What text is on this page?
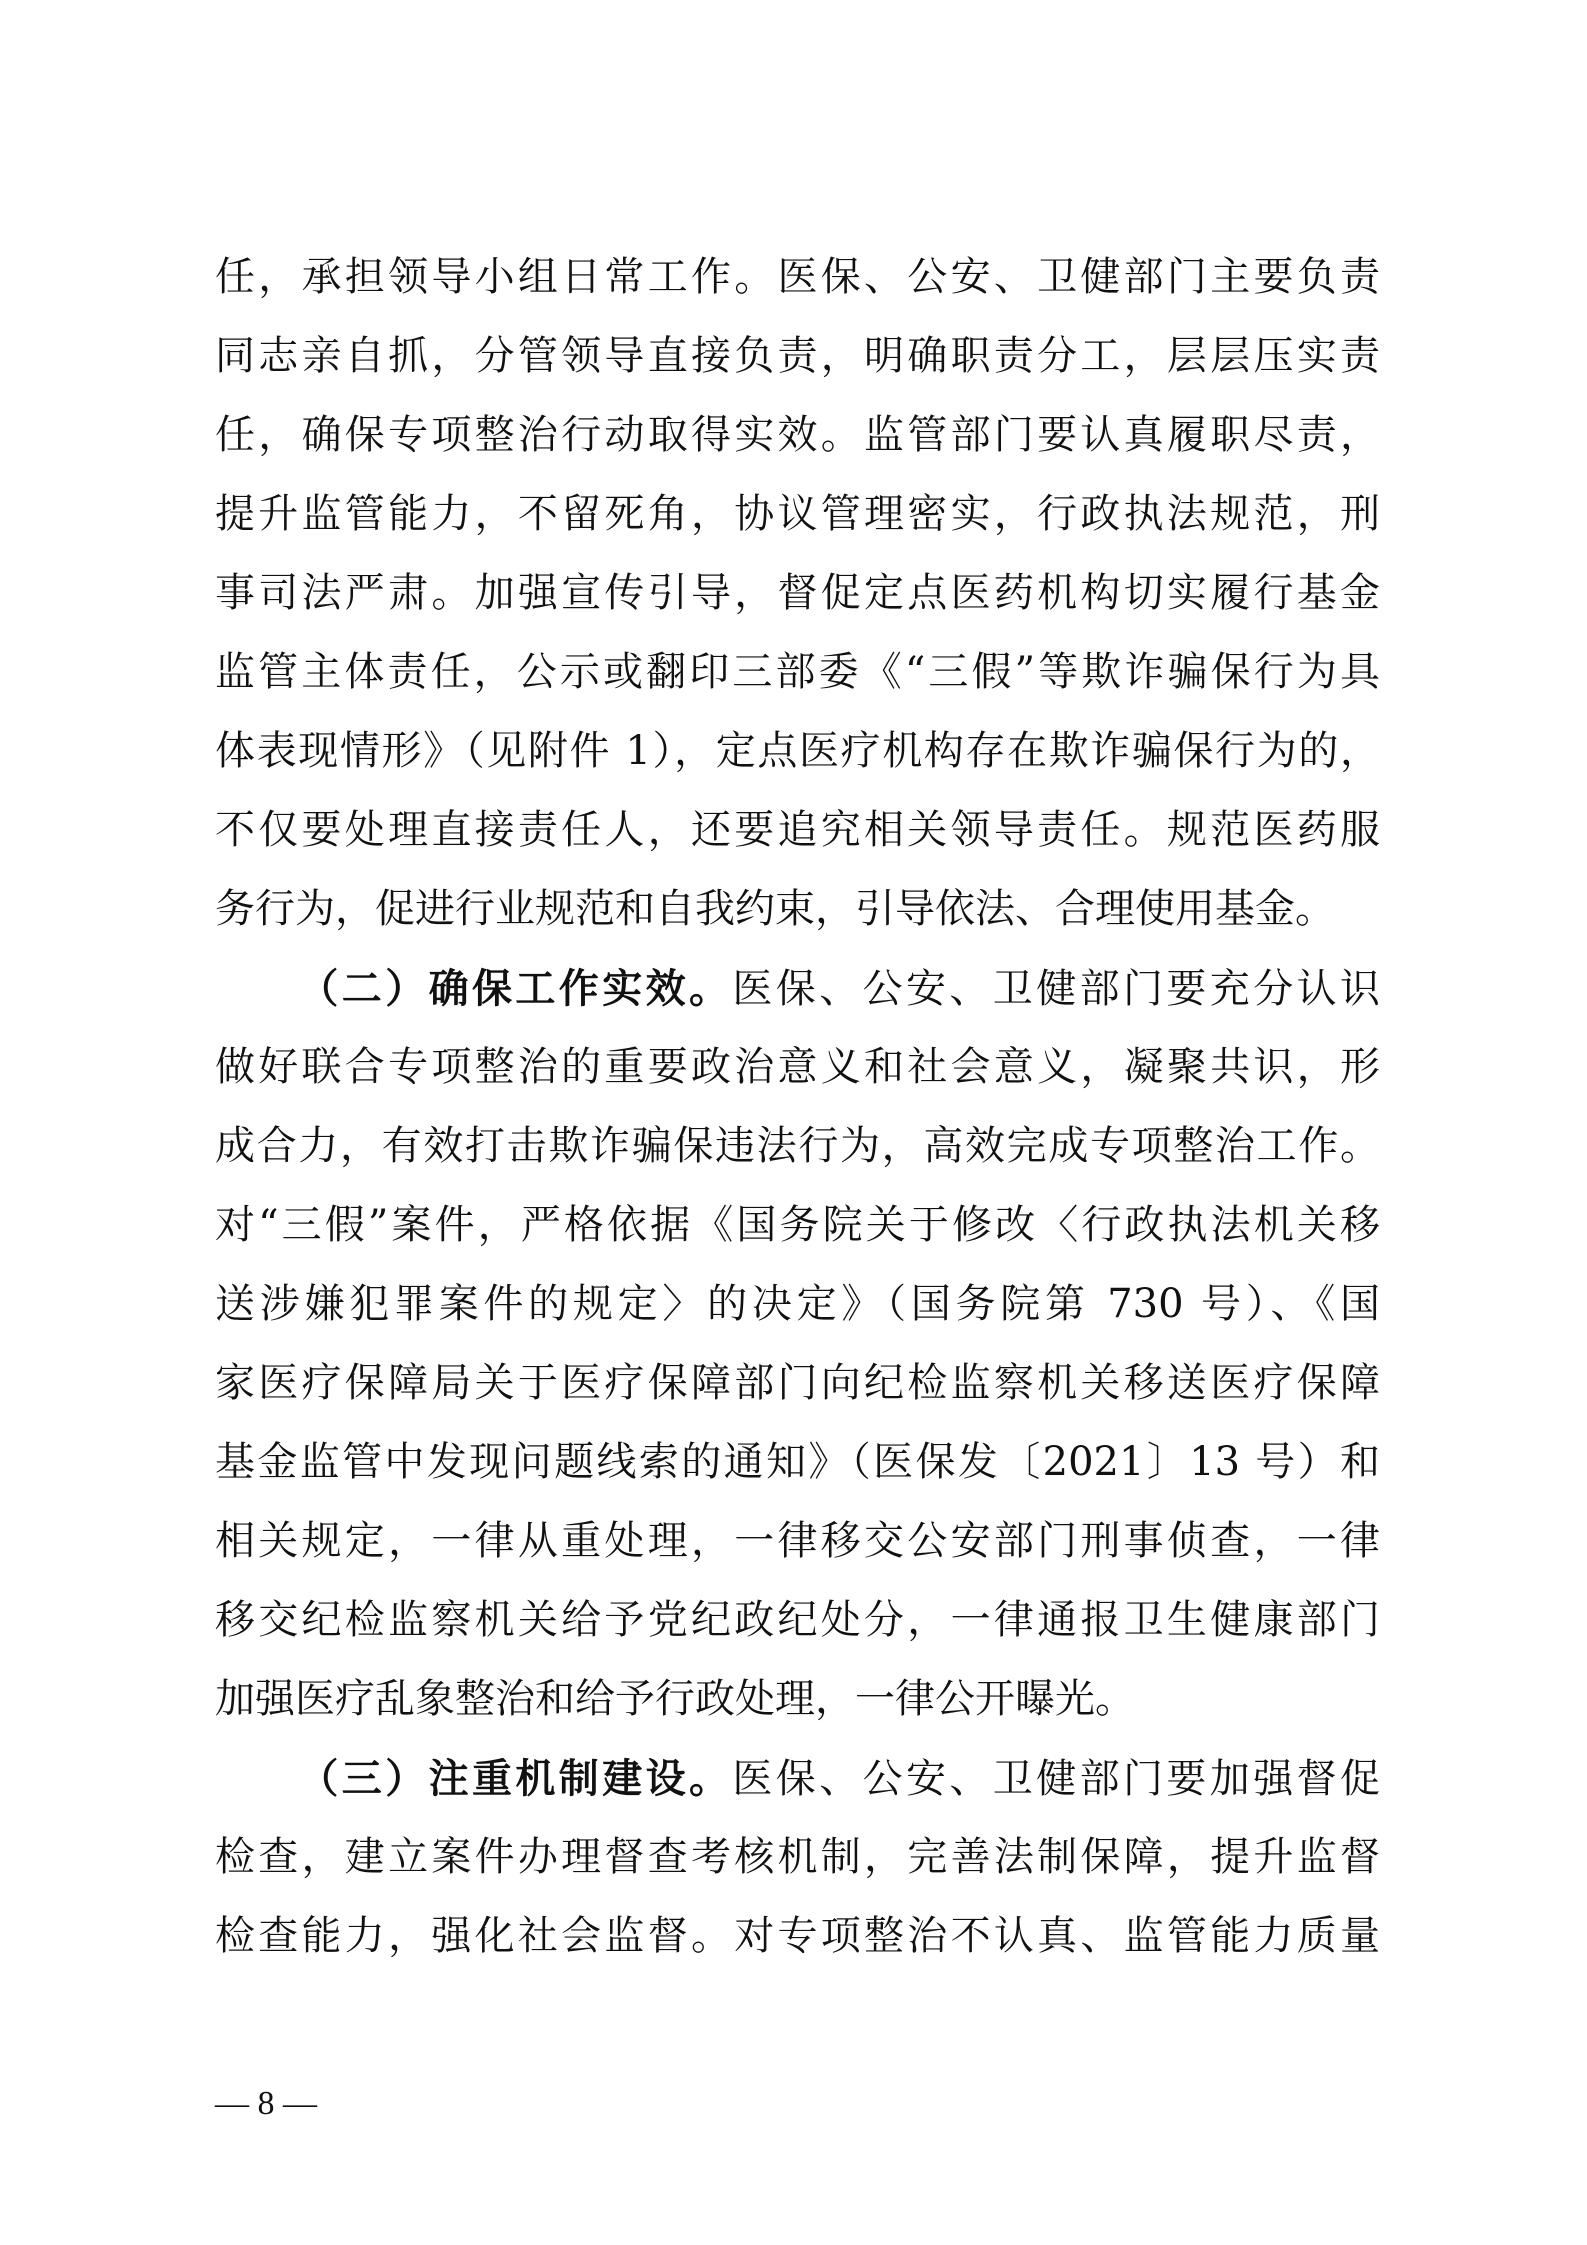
任，承担领导小组日常工作。医保、公安、卫健部门主要负责
同志亲自抓，分管领导直接负责，明确职责分工，层层压实责
任，确保专项整治行动取得实效。监管部门要认真履职尽责，
提升监管能力，不留死角，协议管理密实，行政执法规范，刑
事司法严肃。加强宣传引导，督促定点医药机构切实履行基金
监管主体责任，公示或翻印三部委《“三假”等欺诈骗保行为具
体表现情形》（见附件 1），定点医疗机构存在欺诈骗保行为的，
不仅要处理直接责任人，还要追究相关领导责任。规范医药服
务行为，促进行业规范和自我约束，引导依法、合理使用基金。
（二）确保工作实效。医保、公安、卫健部门要充分认识
做好联合专项整治的重要政治意义和社会意义，凝聚共识，形
成合力，有效打击欺诈骗保违法行为，高效完成专项整治工作。
对“三假”案件，严格依据《国务院关于修改〈行政执法机关移
送涉嫌犯罪案件的规定〉的决定》（国务院第 730 号）、《国
家医疗保障局关于医疗保障部门向纪检监察机关移送医疗保障
基金监管中发现问题线索的通知》（医保发〔2021〕13 号）和
相关规定，一律从重处理，一律移交公安部门刑事侦查，一律
移交纪检监察机关给予党纪政纪处分，一律通报卫生健康部门
加强医疗乱象整治和给予行政处理，一律公开曝光。
（三）注重机制建设。医保、公安、卫健部门要加强督促
检查，建立案件办理督查考核机制，完善法制保障，提升监督
检查能力，强化社会监督。对专项整治不认真、监管能力质量
— 8 —
